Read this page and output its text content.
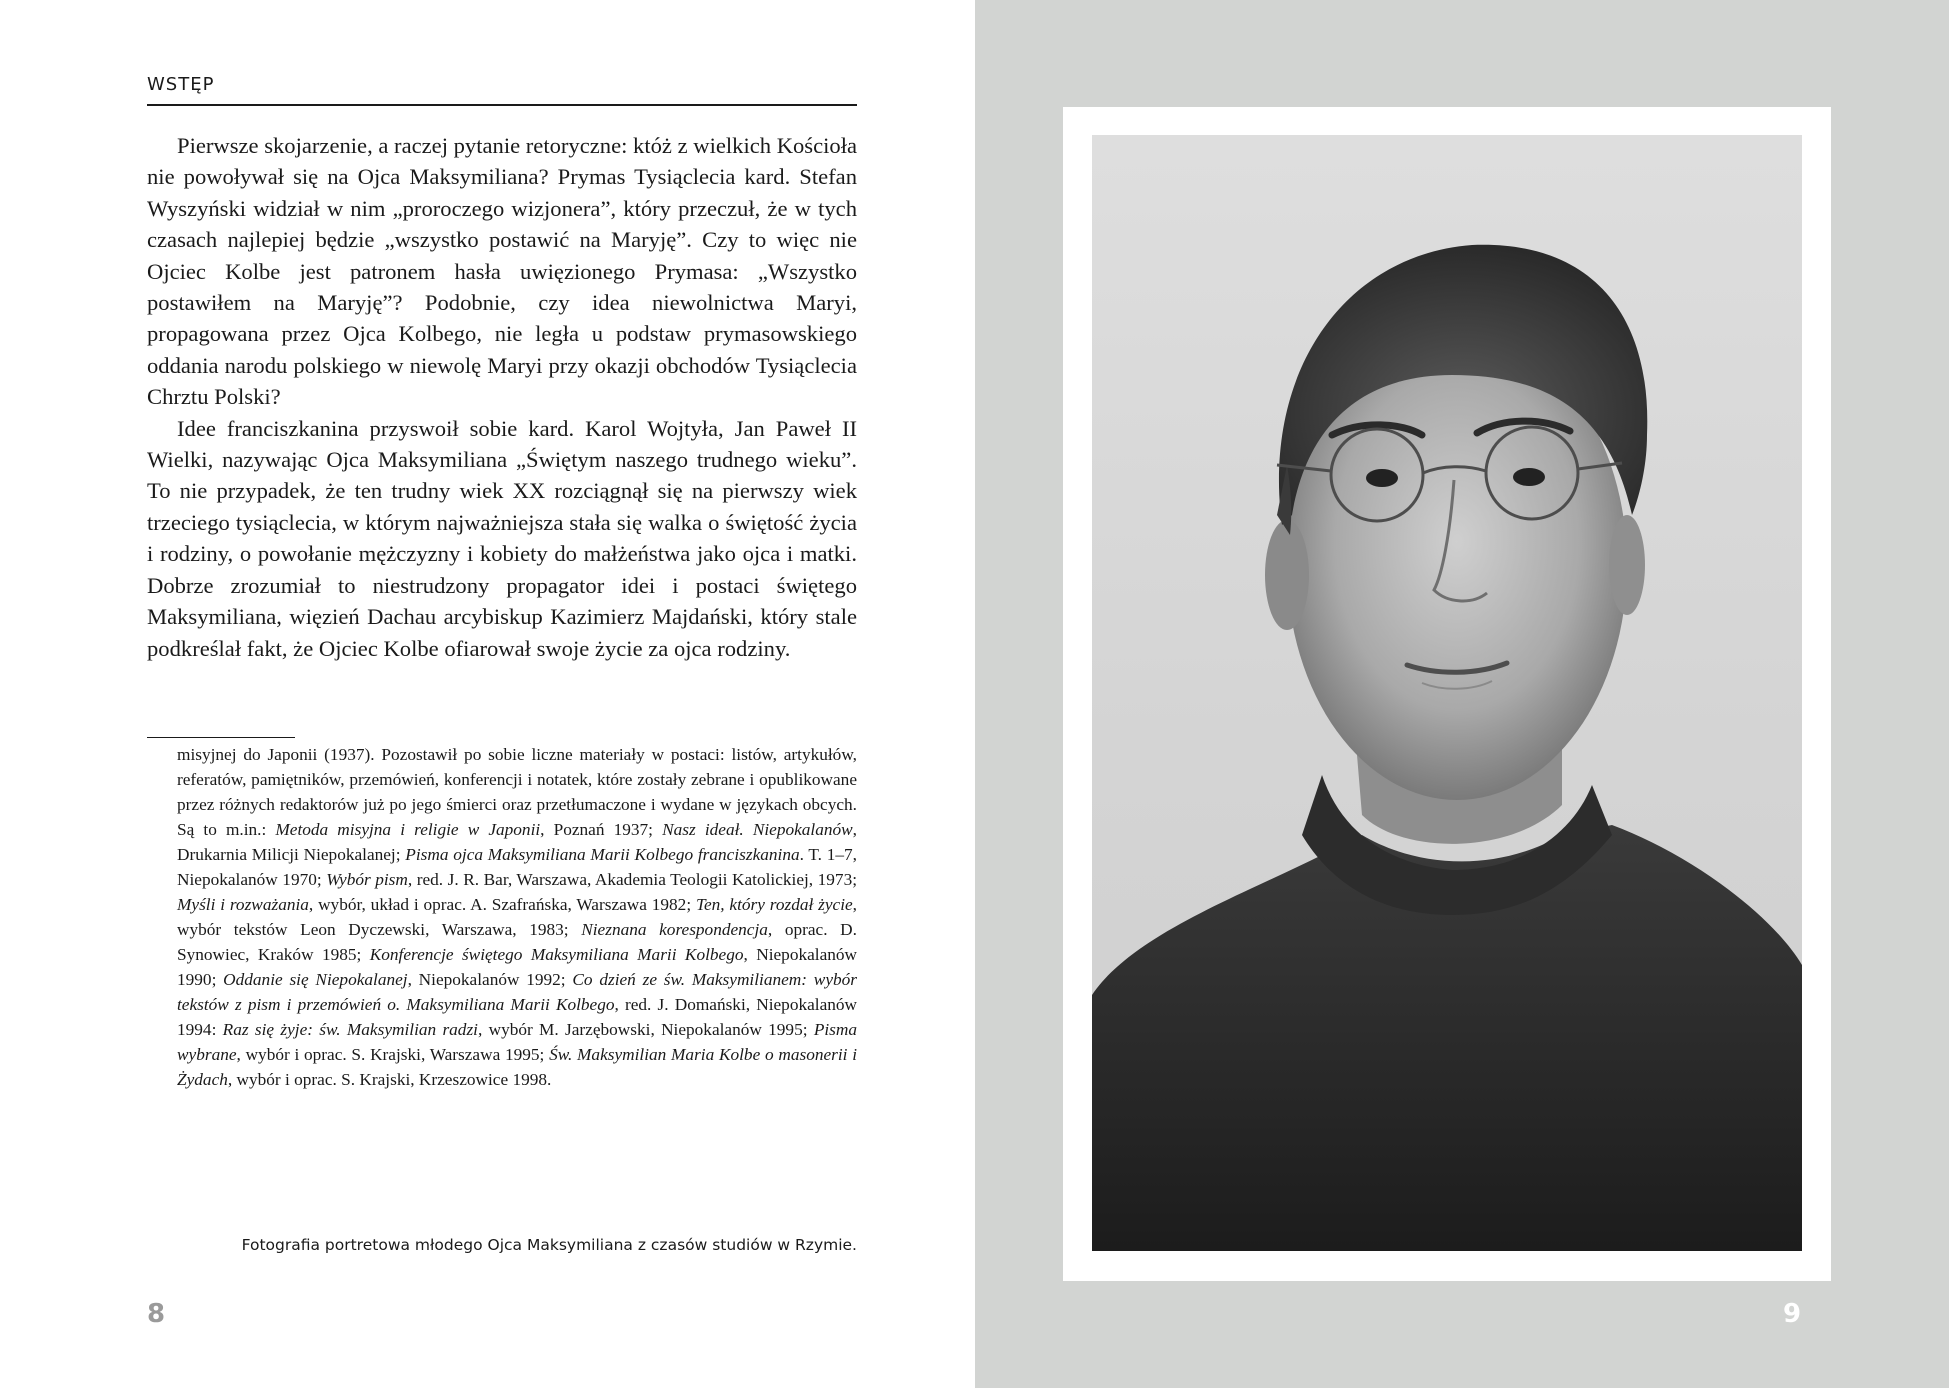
WSTĘP

Pierwsze skojarzenie, a raczej pytanie retoryczne: któż z wielkich Kościoła nie powoływał się na Ojca Maksymiliana? Prymas Tysiąclecia kard. Stefan Wyszyński widział w nim „proroczego wizjonera”, który przeczuł, że w tych czasach najlepiej będzie „wszystko postawić na Maryję”. Czy to więc nie Ojciec Kolbe jest patronem hasła uwięzionego Prymasa: „Wszystko postawiłem na Maryję”? Podobnie, czy idea niewolnictwa Maryi, propagowana przez Ojca Kolbego, nie legła u podstaw prymasowskiego oddania narodu polskiego w niewolę Maryi przy okazji obchodów Tysiąclecia Chrztu Polski?

Idee franciszkanina przyswoił sobie kard. Karol Wojtyła, Jan Paweł II Wielki, nazywając Ojca Maksymiliana „Świętym naszego trudnego wieku”. To nie przypadek, że ten trudny wiek XX rozciągnął się na pierwszy wiek trzeciego tysiąclecia, w którym najważniejsza stała się walka o świętość życia i rodziny, o powołanie mężczyzny i kobiety do małżeństwa jako ojca i matki. Dobrze zrozumiał to niestrudzony propagator idei i postaci świętego Maksymiliana, więzień Dachau arcybiskup Kazimierz Majdański, który stale podkreślał fakt, że Ojciec Kolbe ofiarował swoje życie za ojca rodziny.

misyjnej do Japonii (1937). Pozostawił po sobie liczne materiały w postaci: listów, artykułów, referatów, pamiętników, przemówień, konferencji i notatek, które zostały zebrane i opublikowane przez różnych redaktorów już po jego śmierci oraz przetłumaczone i wydane w językach obcych. Są to m.in.: Metoda misyjna i religie w Japonii, Poznań 1937; Nasz ideał. Niepokalanów, Drukarnia Milicji Niepokalanej; Pisma ojca Maksymiliana Marii Kolbego franciszkanina. T. 1–7, Niepokalanów 1970; Wybór pism, red. J. R. Bar, Warszawa, Akademia Teologii Katolickiej, 1973; Myśli i rozważania, wybór, układ i oprac. A. Szafrańska, Warszawa 1982; Ten, który rozdał życie, wybór tekstów Leon Dyczewski, Warszawa, 1983; Nieznana korespondencja, oprac. D. Synowiec, Kraków 1985; Konferencje świętego Maksymiliana Marii Kolbego, Niepokalanów 1990; Oddanie się Niepokalanej, Niepokalanów 1992; Co dzień ze św. Maksymilianem: wybór tekstów z pism i przemówień o. Maksymiliana Marii Kolbego, red. J. Domański, Niepokalanów 1994: Raz się żyje: św. Maksymilian radzi, wybór M. Jarzębowski, Niepokalanów 1995; Pisma wybrane, wybór i oprac. S. Krajski, Warszawa 1995; Św. Maksymilian Maria Kolbe o masonerii i Żydach, wybór i oprac. S. Krajski, Krzeszowice 1998.
Fotografia portretowa młodego Ojca Maksymiliana z czasów studiów w Rzymie.
8	9
